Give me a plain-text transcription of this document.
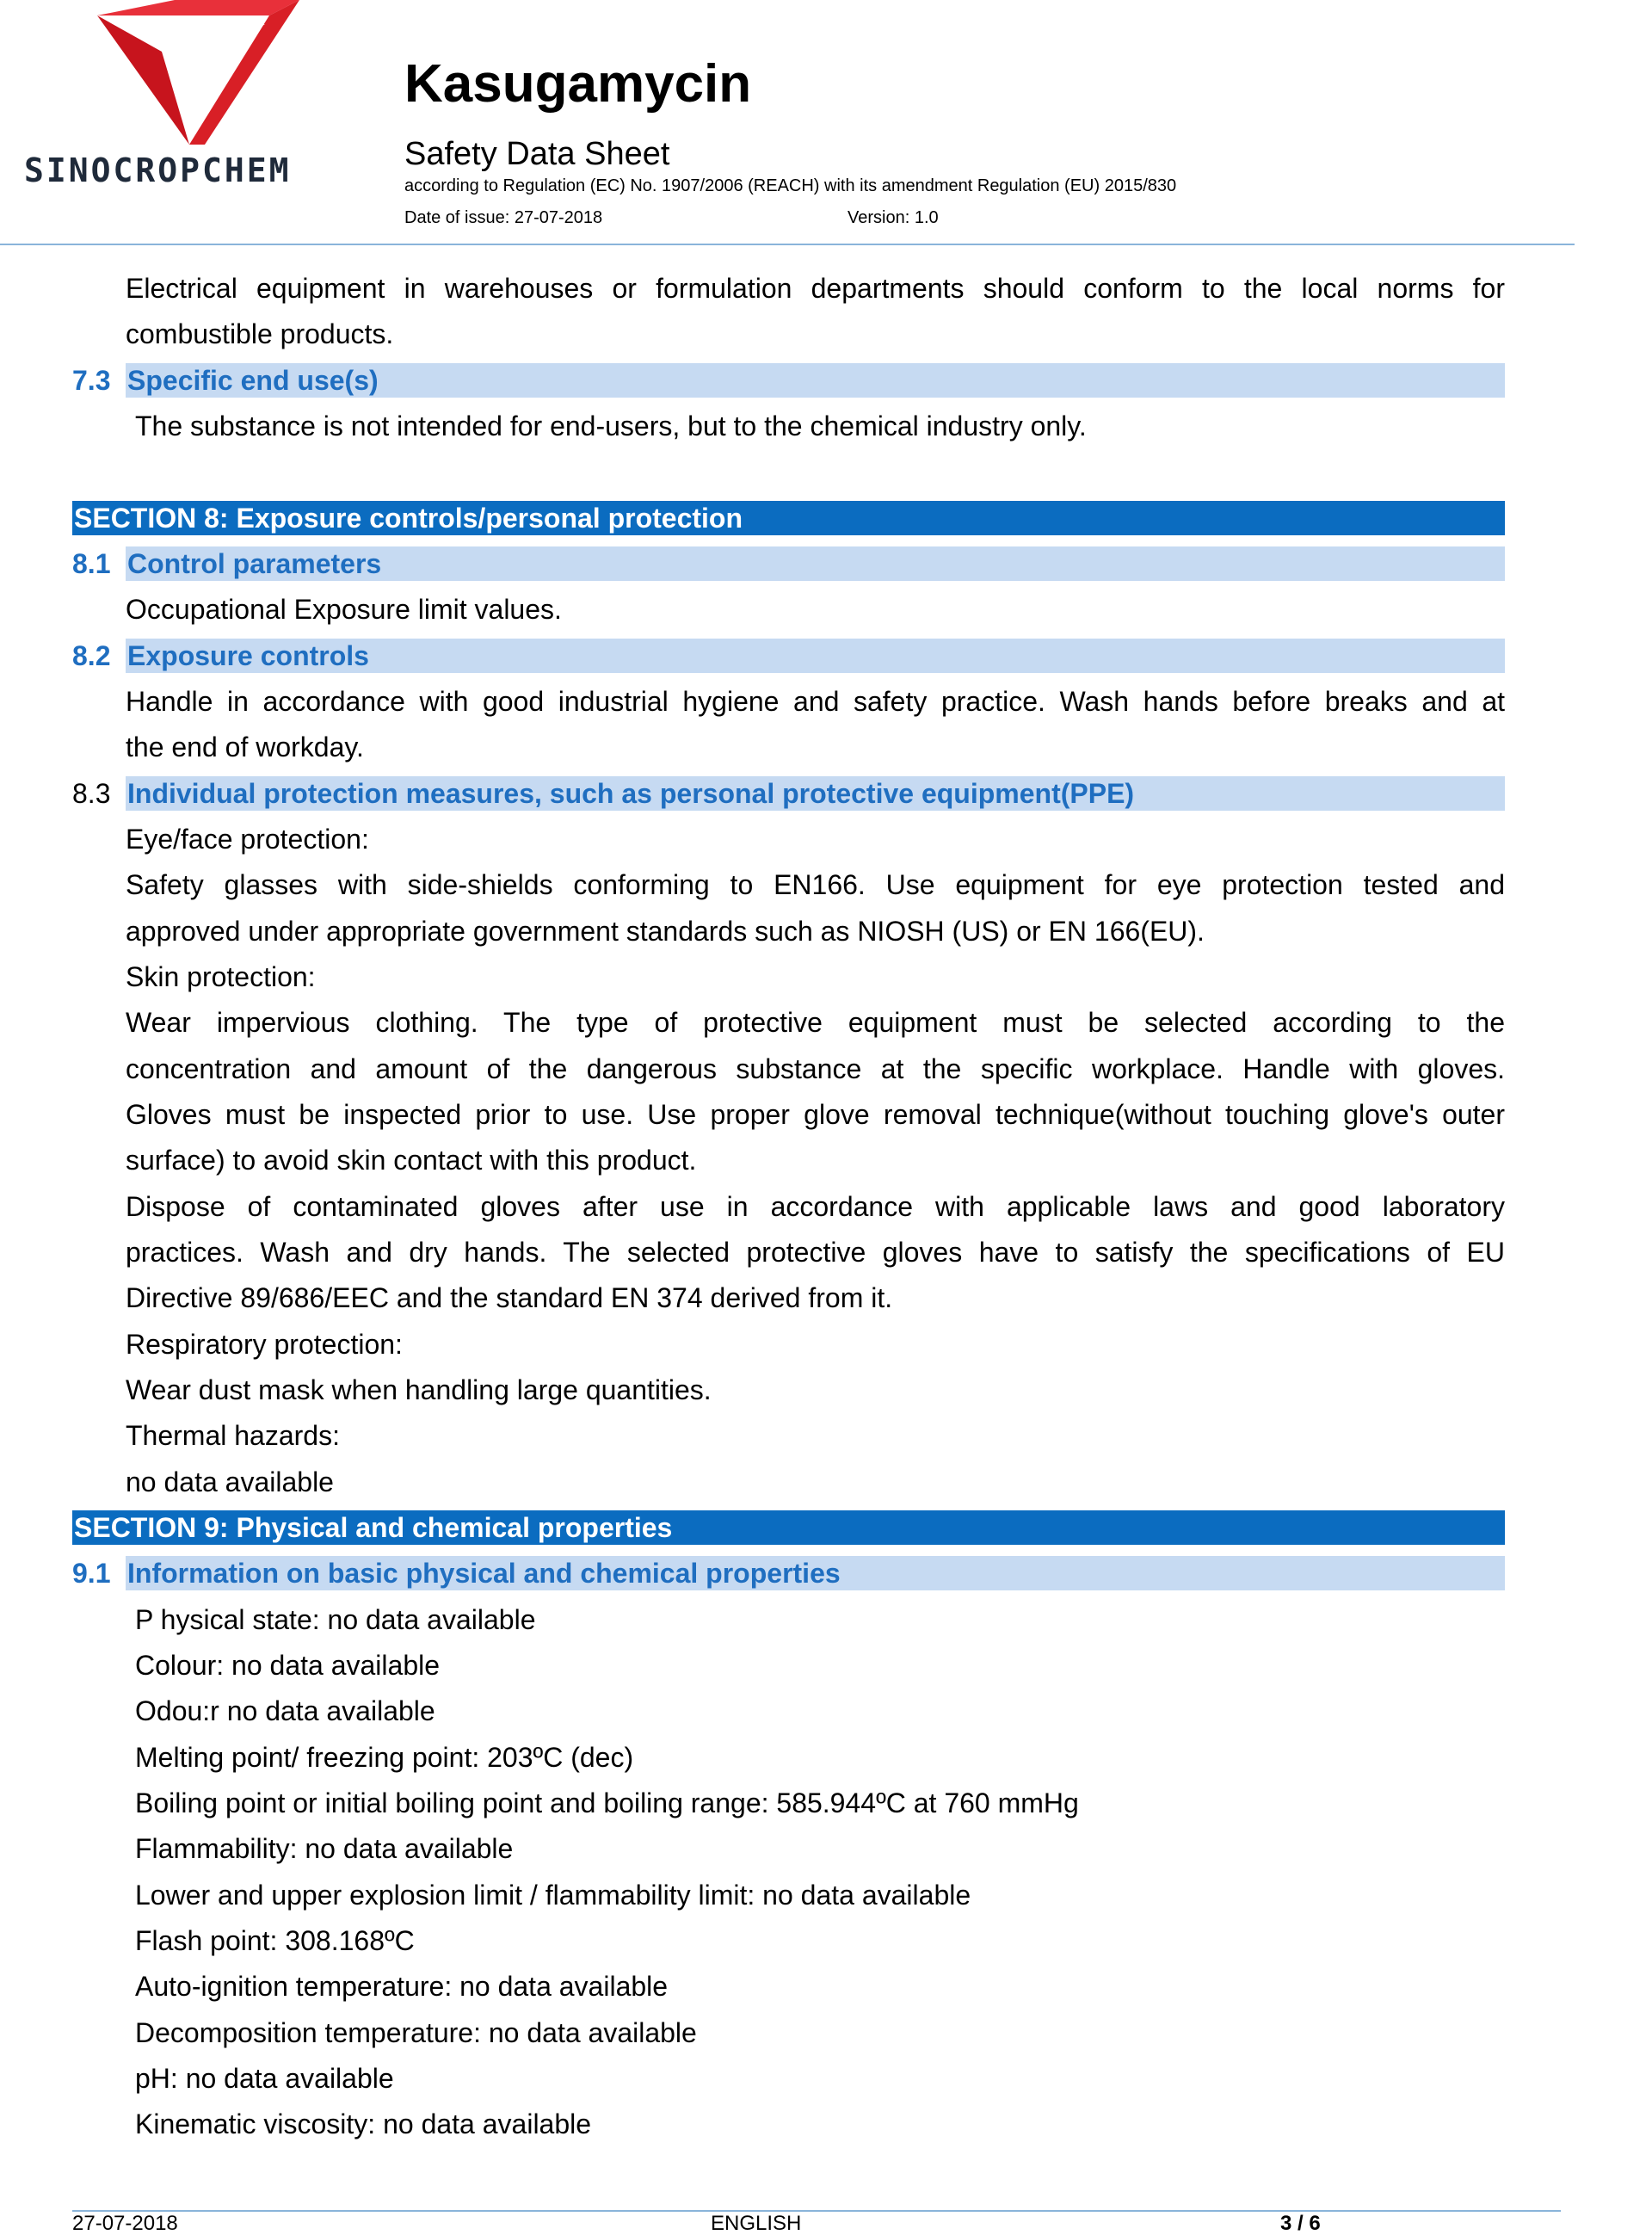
SINOCROPCHEM
Kasugamycin
Safety Data Sheet
according to Regulation (EC) No. 1907/2006 (REACH) with its amendment Regulation (EU) 2015/830
Date of issue: 27-07-2018	Version: 1.0
Electrical equipment in warehouses or formulation departments should conform to the local norms for
combustible products.
7.3 Specific end use(s)
The substance is not intended for end-users, but to the chemical industry only.
SECTION 8: Exposure controls/personal protection
8.1 Control parameters
Occupational Exposure limit values.
8.2 Exposure controls
Handle in accordance with good industrial hygiene and safety practice. Wash hands before breaks and at
the end of workday.
8.3 Individual protection measures, such as personal protective equipment(PPE)
Eye/face protection:
Safety glasses with side-shields conforming to EN166. Use equipment for eye protection tested and
approved under appropriate government standards such as NIOSH (US) or EN 166(EU).
Skin protection:
Wear impervious clothing. The type of protective equipment must be selected according to the
concentration and amount of the dangerous substance at the specific workplace. Handle with gloves.
Gloves must be inspected prior to use. Use proper glove removal technique(without touching glove's outer
surface) to avoid skin contact with this product.
Dispose of contaminated gloves after use in accordance with applicable laws and good laboratory
practices. Wash and dry hands. The selected protective gloves have to satisfy the specifications of EU
Directive 89/686/EEC and the standard EN 374 derived from it.
Respiratory protection:
Wear dust mask when handling large quantities.
Thermal hazards:
no data available
SECTION 9: Physical and chemical properties
9.1 Information on basic physical and chemical properties
P hysical state: no data available
Colour: no data available
Odou:r no data available
Melting point/ freezing point: 203ºC (dec)
Boiling point or initial boiling point and boiling range: 585.944ºC at 760 mmHg
Flammability: no data available
Lower and upper explosion limit / flammability limit: no data available
Flash point: 308.168ºC
Auto-ignition temperature: no data available
Decomposition temperature: no data available
pH: no data available
Kinematic viscosity: no data available
27-07-2018	ENGLISH	3 / 6
